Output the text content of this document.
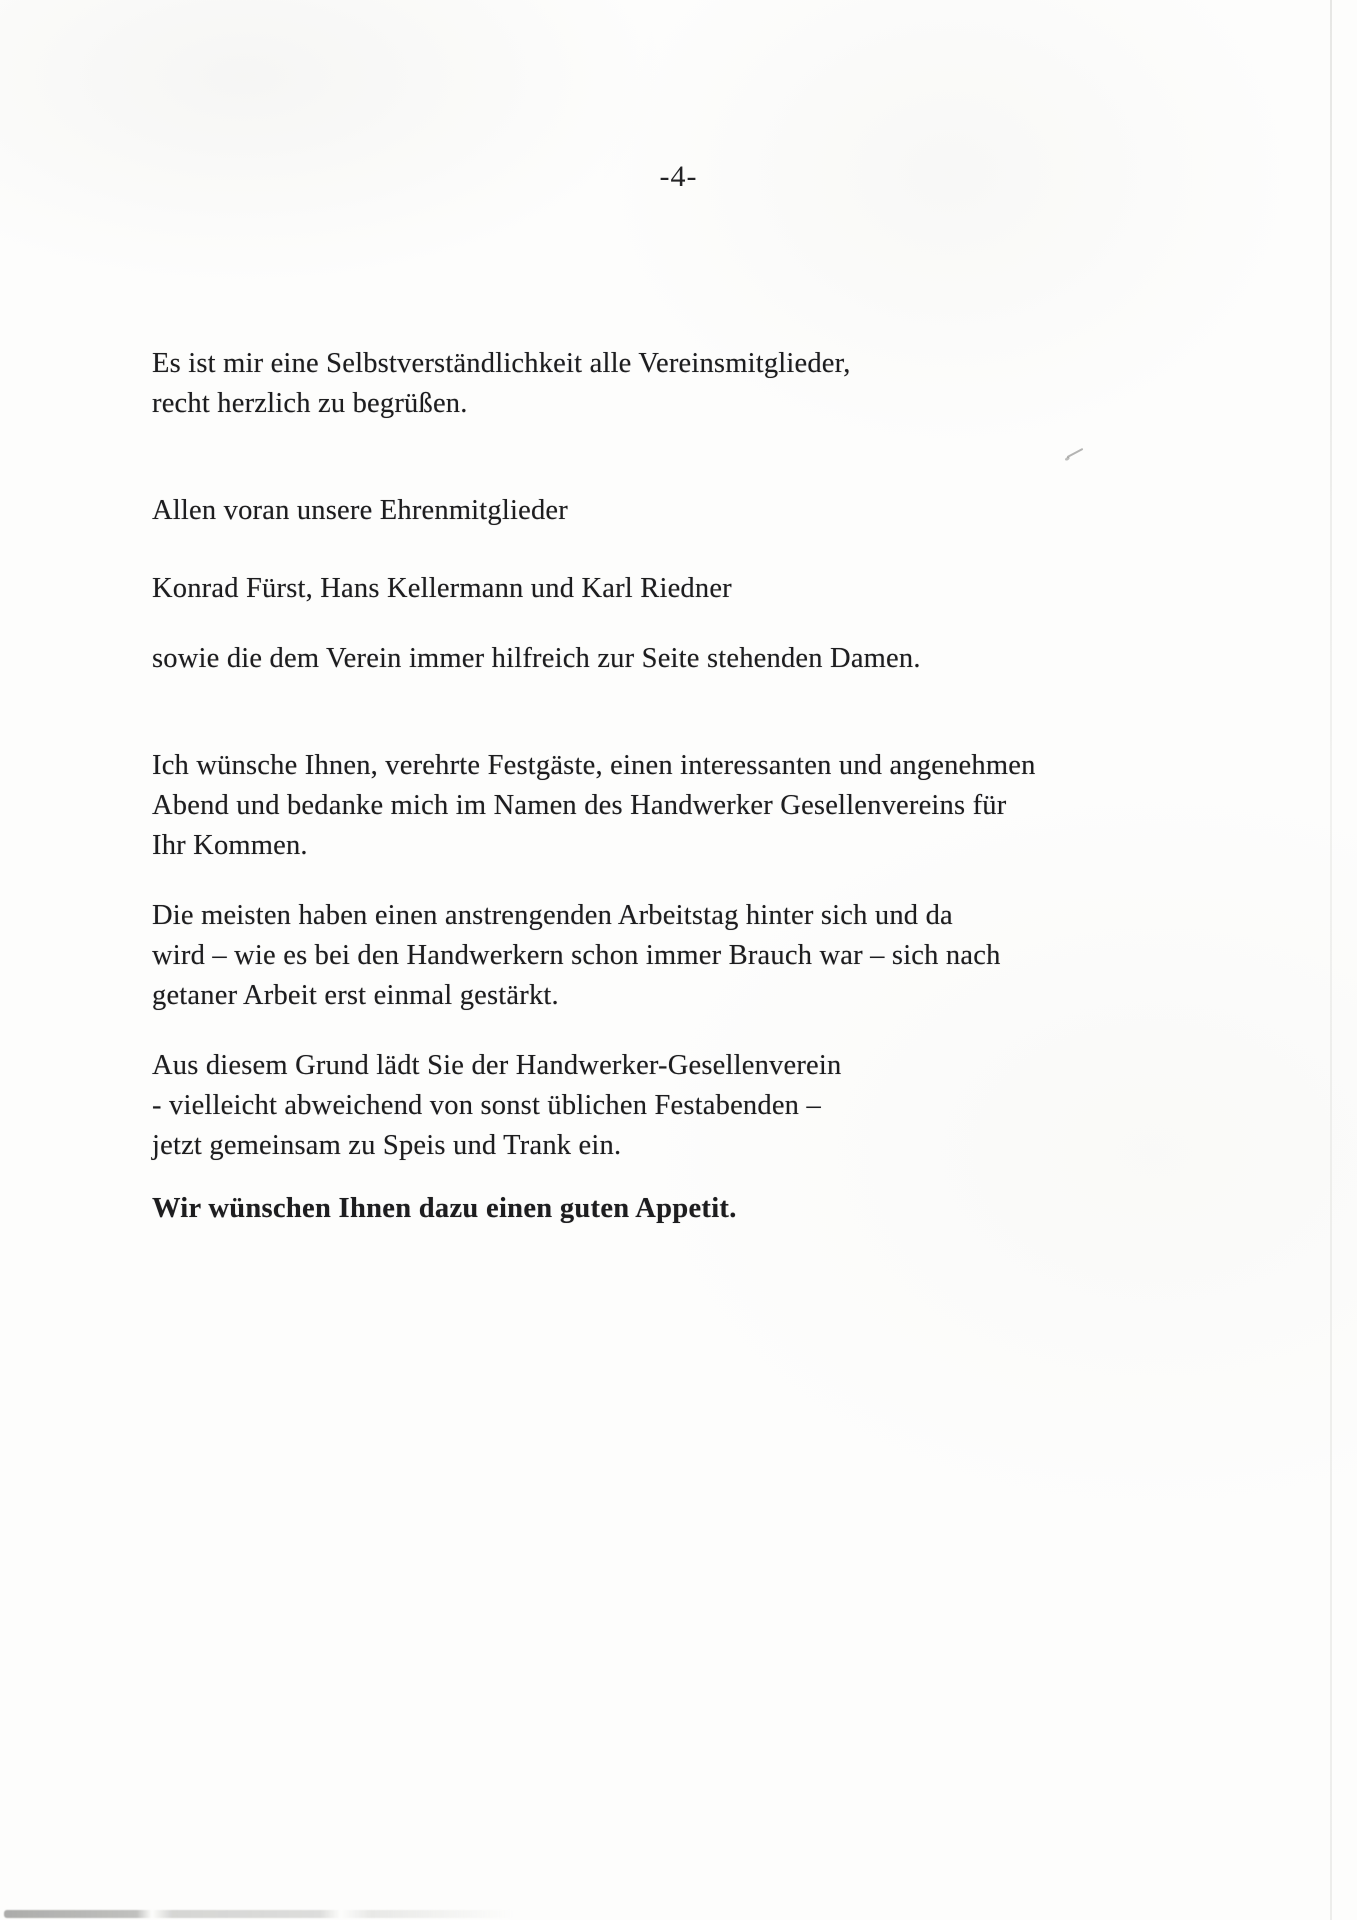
-4-

Es ist mir eine Selbstverständlichkeit alle Vereinsmitglieder,
recht herzlich zu begrüßen.

Allen voran unsere Ehrenmitglieder

Konrad Fürst, Hans Kellermann und Karl Riedner

sowie die dem Verein immer hilfreich zur Seite stehenden Damen.

Ich wünsche Ihnen, verehrte Festgäste, einen interessanten und angenehmen
Abend und bedanke mich im Namen des Handwerker Gesellenvereins für
Ihr Kommen.

Die meisten haben einen anstrengenden Arbeitstag hinter sich und da
wird – wie es bei den Handwerkern schon immer Brauch war – sich nach
getaner Arbeit erst einmal gestärkt.

Aus diesem Grund lädt Sie der Handwerker-Gesellenverein
- vielleicht abweichend von sonst üblichen Festabenden –
jetzt gemeinsam zu Speis und Trank ein.

Wir wünschen Ihnen dazu einen guten Appetit.
